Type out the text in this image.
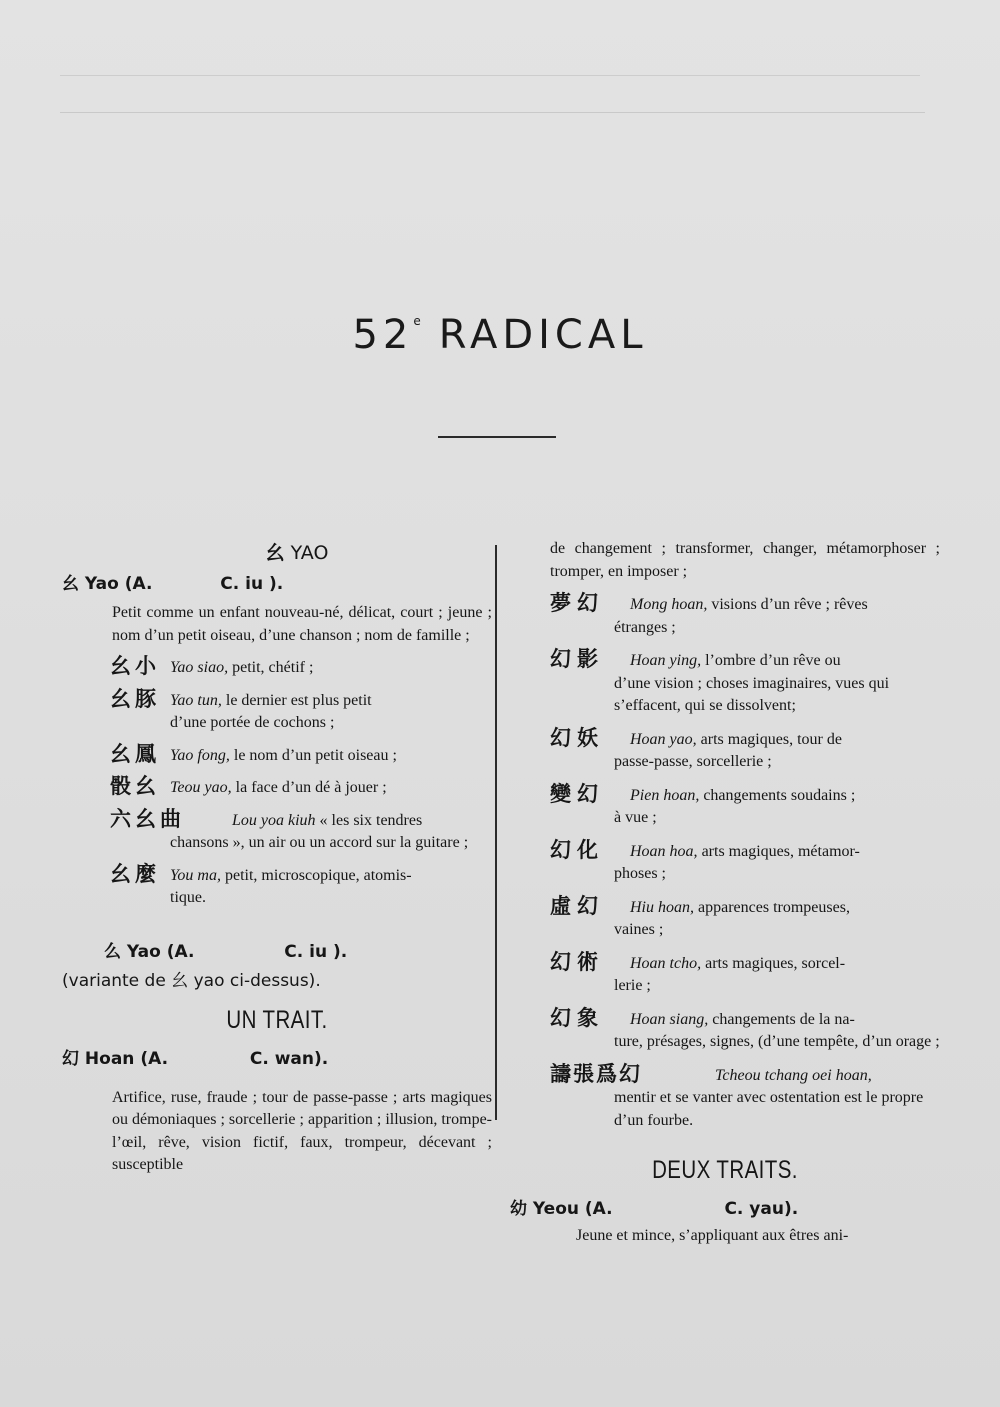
52e RADICAL
幺 YAO
幺 Yao (A.	C. iu ).
Petit comme un enfant nouveau-né, délicat, court ; jeune ; nom d’un petit oiseau, d’une chanson ; nom de famille ;
幺小 Yao siao, petit, chétif ;
幺豚 Yao tun, le dernier est plus petit
d’une portée de cochons ;
幺鳳 Yao fong, le nom d’un petit oiseau ;
骰幺 Teou yao, la face d’un dé à jouer ;
六幺曲	Lou yoa kiuh « les six tendres
chansons », un air ou un accord sur la guitare ;
幺麼 You ma, petit, microscopique, atomis-
tique.
么 Yao (A.	C. iu ).
(variante de 幺 yao ci-dessus).
UN TRAIT.
幻 Hoan (A.	C. wan).
Artifice, ruse, fraude ; tour de passe-passe ; arts magiques ou démoniaques ; sorcellerie ; apparition ; illusion, trompe-l’œil, rêve, vision fictif, faux, trompeur, décevant ; susceptible
de changement ; transformer, changer, métamorphoser ; tromper, en imposer ;
夢幻 Mong hoan, visions d’un rêve ; rêves
étranges ;
幻影 Hoan ying, l’ombre d’un rêve ou
d’une vision ; choses imaginaires, vues qui s’effacent, qui se dissolvent;
幻妖 Hoan yao, arts magiques, tour de
passe-passe, sorcellerie ;
變幻 Pien hoan, changements soudains ;
à vue ;
幻化 Hoan hoa, arts magiques, métamor-
phoses ;
虛幻 Hiu hoan, apparences trompeuses,
vaines ;
幻術 Hoan tcho, arts magiques, sorcel-
lerie ;
幻象 Hoan siang, changements de la na-
ture, présages, signes, (d’une tempête, d’un orage ;
譸張爲幻	Tcheou tchang oei hoan,
mentir et se vanter avec ostentation est le propre d’un fourbe.
DEUX TRAITS.
幼 Yeou (A.	C. yau).
Jeune et mince, s’appliquant aux êtres ani-
